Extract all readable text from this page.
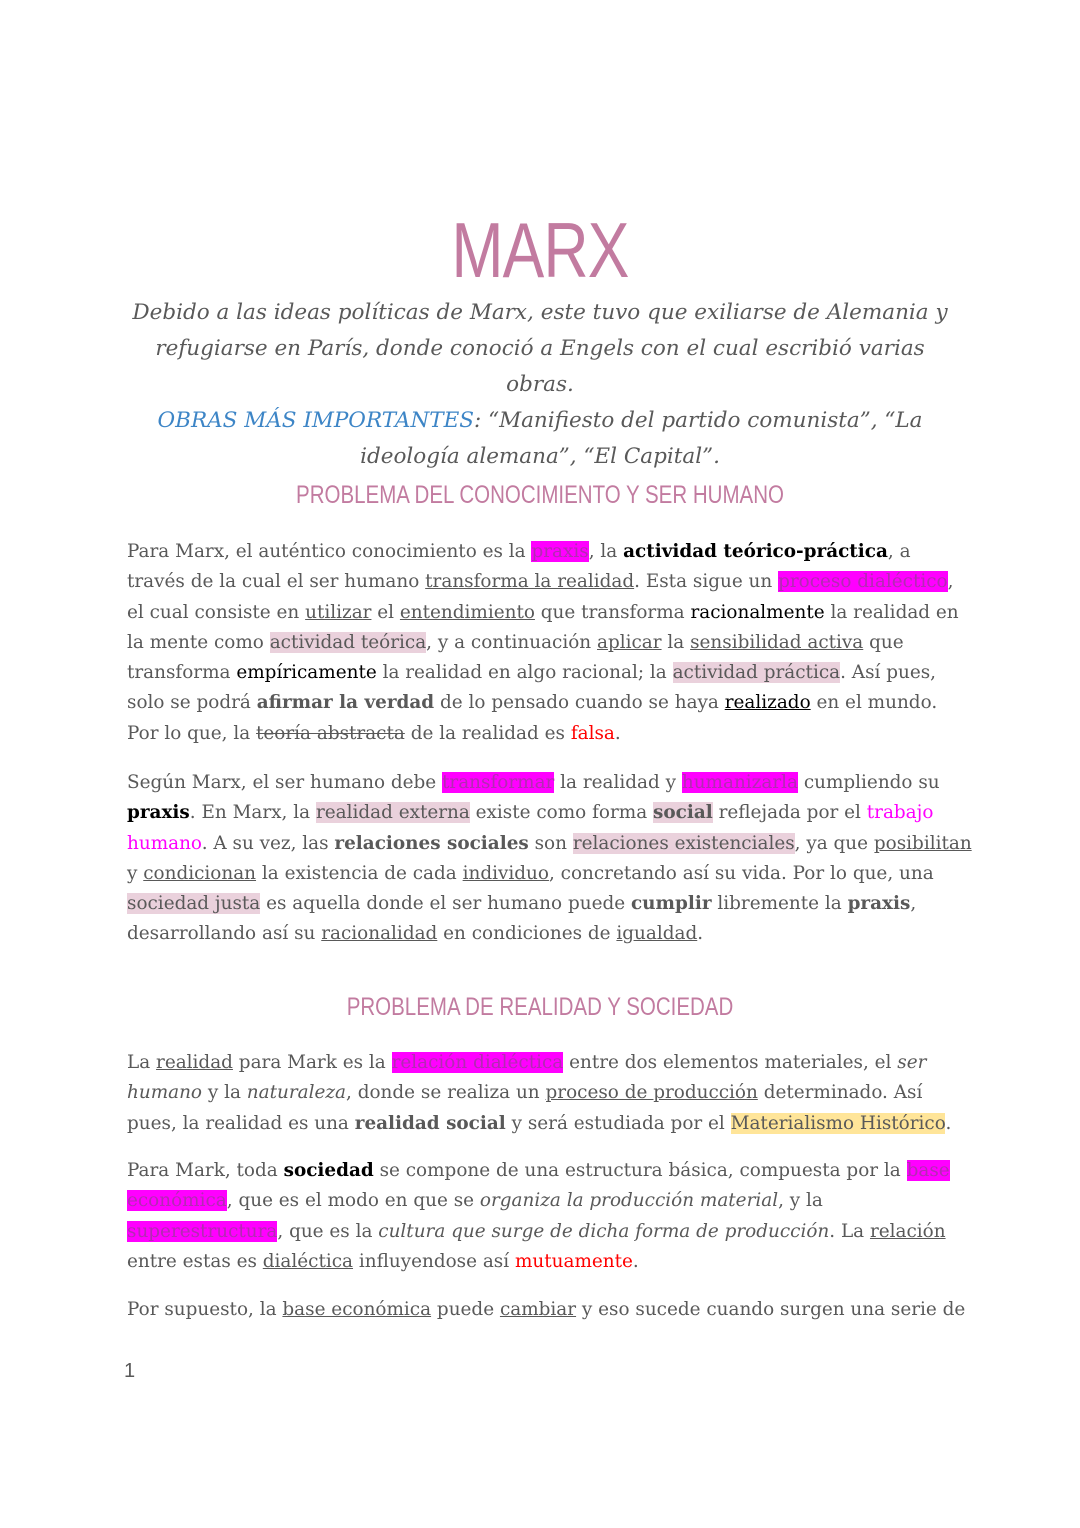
MARX
Debido a las ideas políticas de Marx, este tuvo que exiliarse de Alemania y
refugiarse en París, donde conoció a Engels con el cual escribió varias obras.
OBRAS MÁS IMPORTANTES: “Manifiesto del partido comunista”, “La
ideología alemana”, “El Capital”.
PROBLEMA DEL CONOCIMIENTO Y SER HUMANO
Para Marx, el auténtico conocimiento es la praxis, la actividad teórico-práctica, a
través de la cual el ser humano transforma la realidad. Esta sigue un proceso dialéctico,
el cual consiste en utilizar el entendimiento que transforma racionalmente la realidad en
la mente como actividad teórica, y a continuación aplicar la sensibilidad activa que
transforma empíricamente la realidad en algo racional; la actividad práctica. Así pues,
solo se podrá afirmar la verdad de lo pensado cuando se haya realizado en el mundo.
Por lo que, la teoría abstracta de la realidad es falsa.
Según Marx, el ser humano debe transformar la realidad y humanizarla cumpliendo su
praxis. En Marx, la realidad externa existe como forma social reflejada por el trabajo
humano. A su vez, las relaciones sociales son relaciones existenciales, ya que posibilitan
y condicionan la existencia de cada individuo, concretando así su vida. Por lo que, una
sociedad justa es aquella donde el ser humano puede cumplir libremente la praxis,
desarrollando así su racionalidad en condiciones de igualdad.
PROBLEMA DE REALIDAD Y SOCIEDAD
La realidad para Mark es la relación dialéctica entre dos elementos materiales, el ser
humano y la naturaleza, donde se realiza un proceso de producción determinado. Así
pues, la realidad es una realidad social y será estudiada por el Materialismo Histórico.
Para Mark, toda sociedad se compone de una estructura básica, compuesta por la base
económica, que es el modo en que se organiza la producción material, y la
superestructura, que es la cultura que surge de dicha forma de producción. La relación
entre estas es dialéctica influyendose así mutuamente.
Por supuesto, la base económica puede cambiar y eso sucede cuando surgen una serie de
1
